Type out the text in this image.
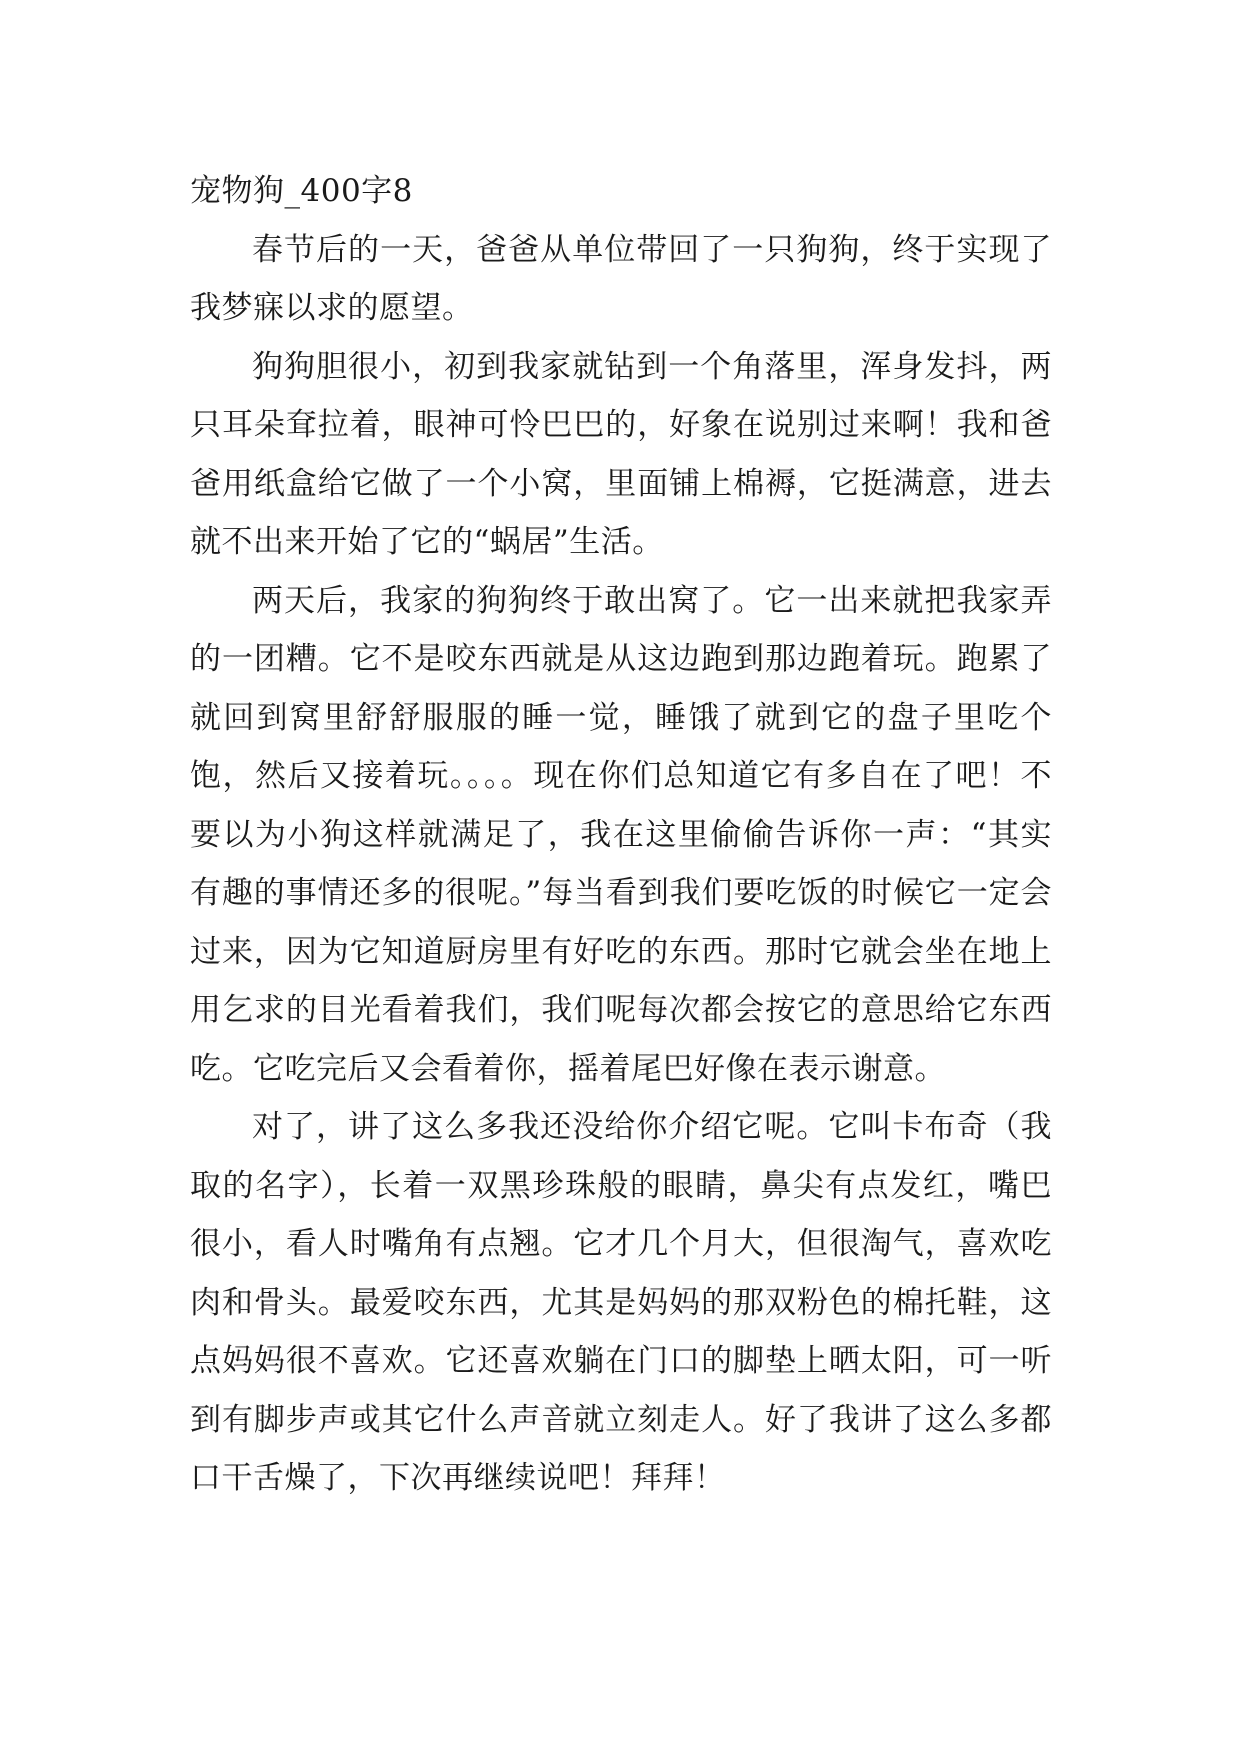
宠物狗_400字8

春节后的一天，爸爸从单位带回了一只狗狗，终于实现了我梦寐以求的愿望。

狗狗胆很小，初到我家就钻到一个角落里，浑身发抖，两只耳朵耷拉着，眼神可怜巴巴的，好象在说别过来啊！我和爸爸用纸盒给它做了一个小窝，里面铺上棉褥，它挺满意，进去就不出来开始了它的“蜗居”生活。

两天后，我家的狗狗终于敢出窝了。它一出来就把我家弄的一团糟。它不是咬东西就是从这边跑到那边跑着玩。跑累了就回到窝里舒舒服服的睡一觉，睡饿了就到它的盘子里吃个饱，然后又接着玩。。。。现在你们总知道它有多自在了吧！不要以为小狗这样就满足了，我在这里偷偷告诉你一声：“其实有趣的事情还多的很呢。”每当看到我们要吃饭的时候它一定会过来，因为它知道厨房里有好吃的东西。那时它就会坐在地上用乞求的目光看着我们，我们呢每次都会按它的意思给它东西吃。它吃完后又会看着你，摇着尾巴好像在表示谢意。

对了，讲了这么多我还没给你介绍它呢。它叫卡布奇（我取的名字），长着一双黑珍珠般的眼睛，鼻尖有点发红，嘴巴很小，看人时嘴角有点翘。它才几个月大，但很淘气，喜欢吃肉和骨头。最爱咬东西，尤其是妈妈的那双粉色的棉托鞋，这点妈妈很不喜欢。它还喜欢躺在门口的脚垫上晒太阳，可一听到有脚步声或其它什么声音就立刻走人。好了我讲了这么多都口干舌燥了，下次再继续说吧！拜拜！
